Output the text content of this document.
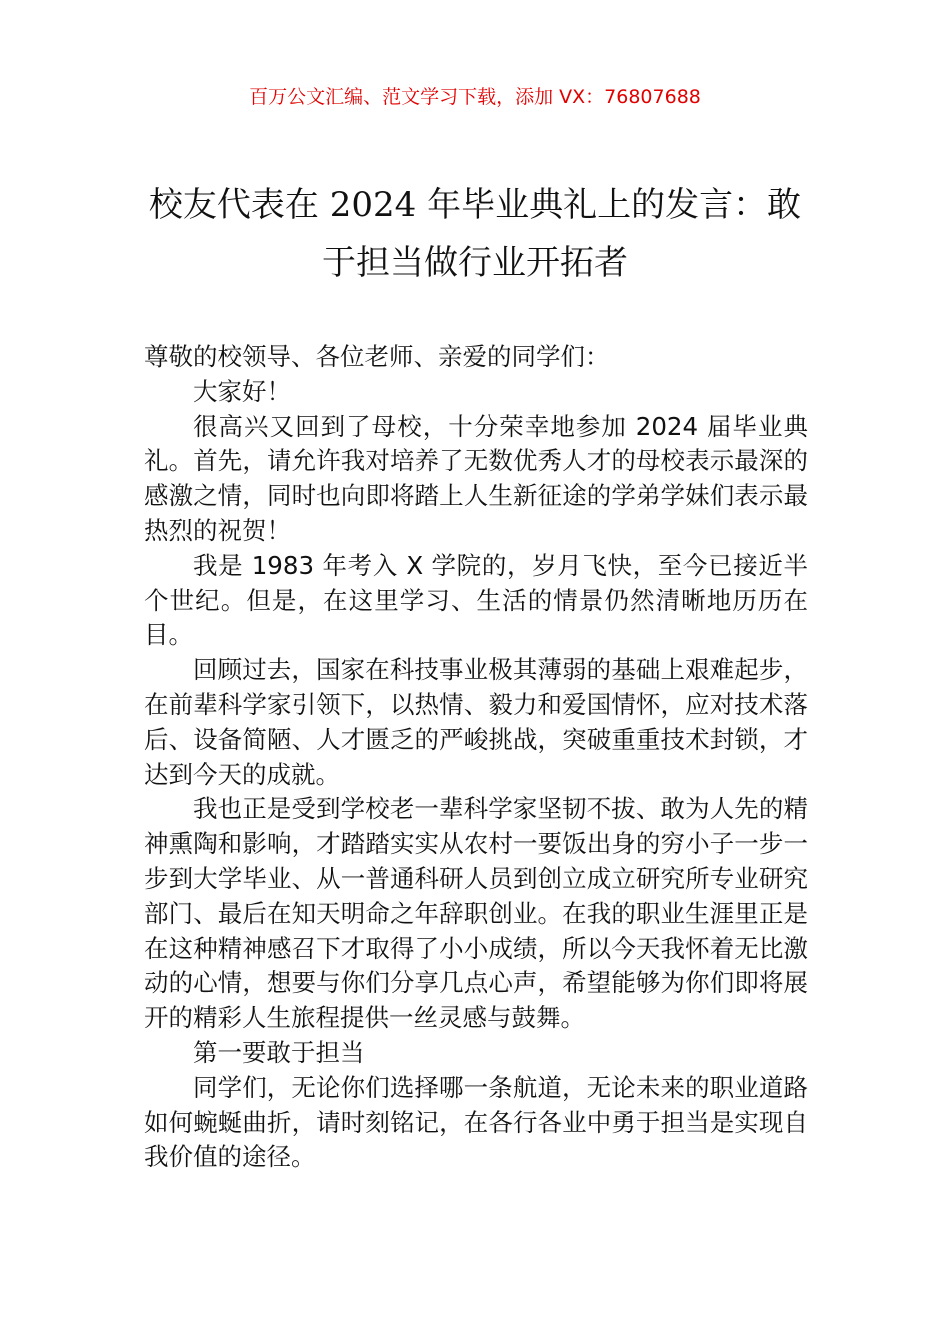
百万公文汇编、范文学习下载，添加 VX：76807688
校友代表在 2024 年毕业典礼上的发言：敢
于担当做行业开拓者

尊敬的校领导、各位老师、亲爱的同学们：

大家好！

很高兴又回到了母校，十分荣幸地参加 2024 届毕业典礼。首先，请允许我对培养了无数优秀人才的母校表示最深的感激之情，同时也向即将踏上人生新征途的学弟学妹们表示最热烈的祝贺！

我是 1983 年考入 X 学院的，岁月飞快，至今已接近半个世纪。但是，在这里学习、生活的情景仍然清晰地历历在目。

回顾过去，国家在科技事业极其薄弱的基础上艰难起步，在前辈科学家引领下，以热情、毅力和爱国情怀，应对技术落后、设备简陋、人才匮乏的严峻挑战，突破重重技术封锁，才达到今天的成就。

我也正是受到学校老一辈科学家坚韧不拔、敢为人先的精神熏陶和影响，才踏踏实实从农村一要饭出身的穷小子一步一步到大学毕业、从一普通科研人员到创立成立研究所专业研究部门、最后在知天明命之年辞职创业。在我的职业生涯里正是在这种精神感召下才取得了小小成绩，所以今天我怀着无比激动的心情，想要与你们分享几点心声，希望能够为你们即将展开的精彩人生旅程提供一丝灵感与鼓舞。

第一要敢于担当

同学们，无论你们选择哪一条航道，无论未来的职业道路如何蜿蜒曲折，请时刻铭记，在各行各业中勇于担当是实现自我价值的途径。
